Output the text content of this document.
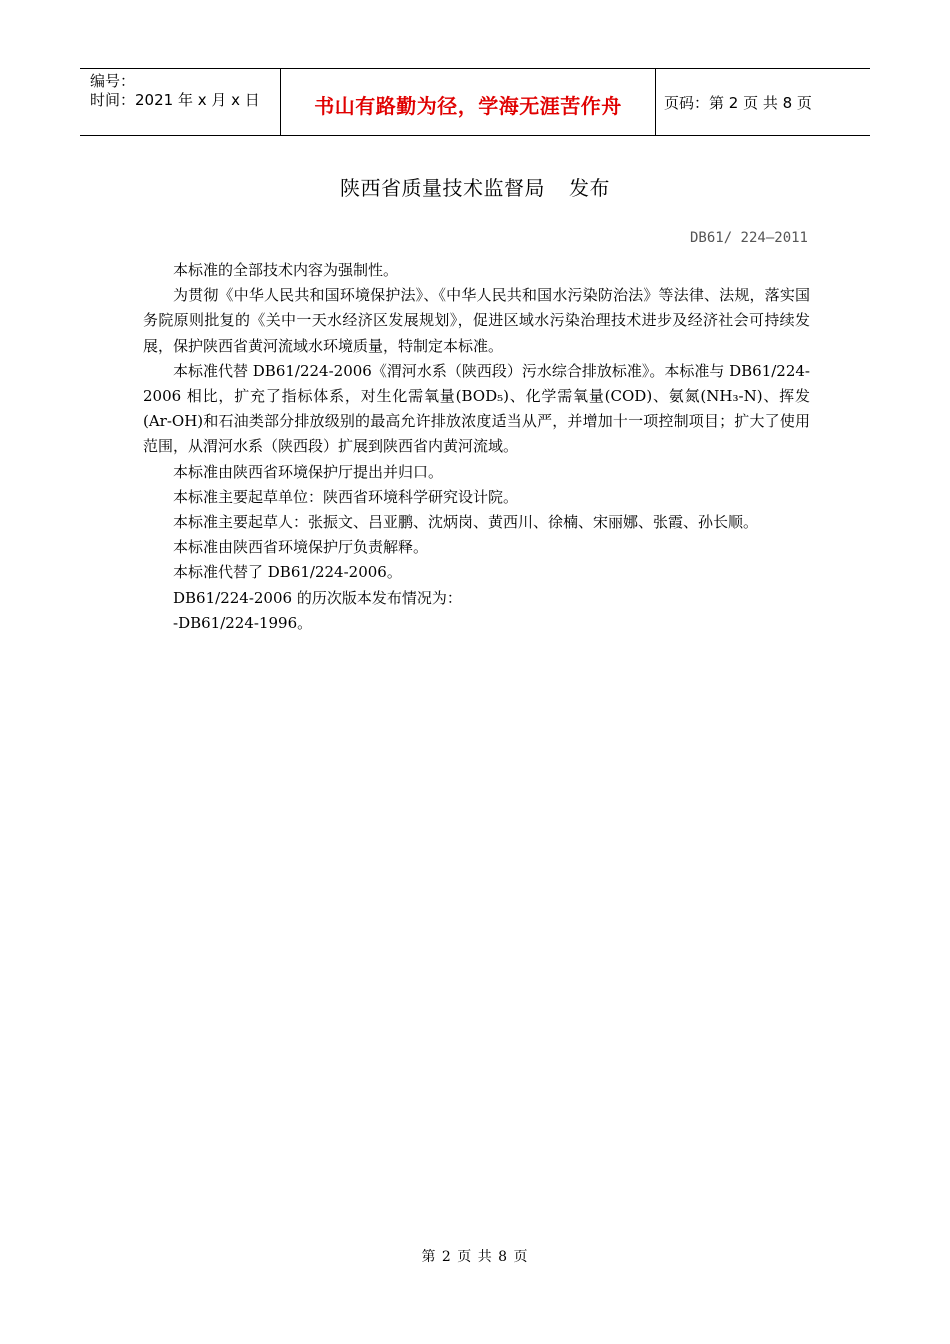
编号：
时间：2021 年 x 月 x 日	书山有路勤为径，学海无涯苦作舟	页码：第 2 页 共 8 页
陕西省质量技术监督局 发布
DB61/ 224—2011

本标准的全部技术内容为强制性。

为贯彻《中华人民共和国环境保护法》、《中华人民共和国水污染防治法》等法律、法规，落实国务院原则批复的《关中一天水经济区发展规划》，促进区域水污染治理技术进步及经济社会可持续发展，保护陕西省黄河流域水环境质量，特制定本标准。

本标准代替 DB61/224-2006《渭河水系（陕西段）污水综合排放标准》。本标准与 DB61/224-2006 相比，扩充了指标体系，对生化需氧量(BOD₅)、化学需氧量(COD)、氨氮(NH₃-N)、挥发(Ar-OH)和石油类部分排放级别的最高允许排放浓度适当从严，并增加十一项控制项目；扩大了使用范围，从渭河水系（陕西段）扩展到陕西省内黄河流域。

本标准由陕西省环境保护厅提出并归口。

本标准主要起草单位：陕西省环境科学研究设计院。

本标准主要起草人：张振文、吕亚鹏、沈炳岗、黄西川、徐楠、宋丽娜、张霞、孙长顺。

本标准由陕西省环境保护厅负责解释。

本标准代替了 DB61/224-2006。

DB61/224-2006 的历次版本发布情况为：

-DB61/224-1996。

第 2 页 共 8 页
